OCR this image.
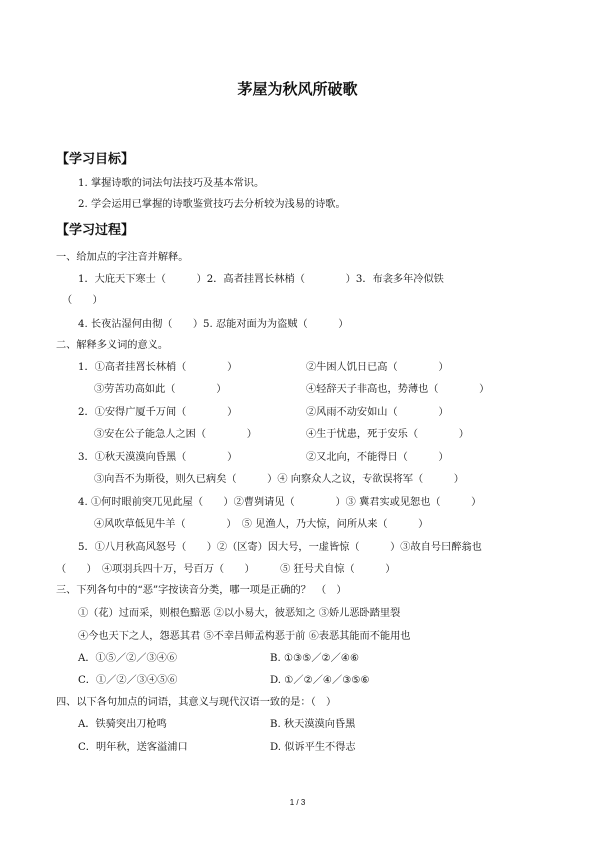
茅屋为秋风所破歌
【学习目标】
1. 掌握诗歌的词法句法技巧及基本常识。
2. 学会运用已掌握的诗歌鉴赏技巧去分析较为浅易的诗歌。
【学习过程】
一、给加点的字注音并解释。
1．大庇天下寒士（　　　）2．高者挂罥长林梢（　　　　）3．布衾多年冷似铁
（　　）
4. 长夜沾湿何由彻（　　）5. 忍能对面为为盗贼（　　　）
二、解释多义词的意义。
1．①高者挂罥长林梢（　　　　）	②牛困人饥日已高（　　　　）
③劳苦功高如此（　　　　）	④轻辞天子非高也，势薄也（　　　　）
2．①安得广厦千万间（　　　　）	②风雨不动安如山（　　　　）
③安在公子能急人之困（　　　　）	④生于忧患，死于安乐（　　　　）
3．①秋天漠漠向昏黑（　　　　）	②又北向，不能得日（　　　）
③向吾不为斯役，则久已病矣（　　　）④ 向察众人之议，专欲误将军（　　　）
4. ①何时眼前突兀见此屋（　　）②曹刿请见（　　　　）③ 冀君实或见恕也（　　　）
④风吹草低见牛羊（　　　　）　⑤ 见渔人，乃大惊，问所从来（　　　）
5．①八月秋高风怒号（　　）②（区寄）因大号，一虚皆惊（　　　）③故自号曰醉翁也
（　　）　④项羽兵四十万，号百万（　　）　　　⑤ 狂号犬自惊（　　　）
三、下列各句中的“恶”字按读音分类，哪一项是正确的？　（　）
①（花）过而采，则根色黯恶 ②以小易大，彼恶知之 ③娇儿恶卧踏里裂
④今也天下之人，怨恶其君 ⑤不幸吕师孟构恶于前 ⑥表恶其能而不能用也
A．①⑤／②／③④⑥	B. ①③⑤／②／④⑥
C．①／②／③④⑤⑥	D. ①／②／④／③⑤⑥
四、以下各句加点的词语，其意义与现代汉语一致的是：（　）
A．铁骑突出刀枪鸣	B. 秋天漠漠向昏黑
C．明年秋，送客溢浦口	D. 似诉平生不得志
1 / 3
